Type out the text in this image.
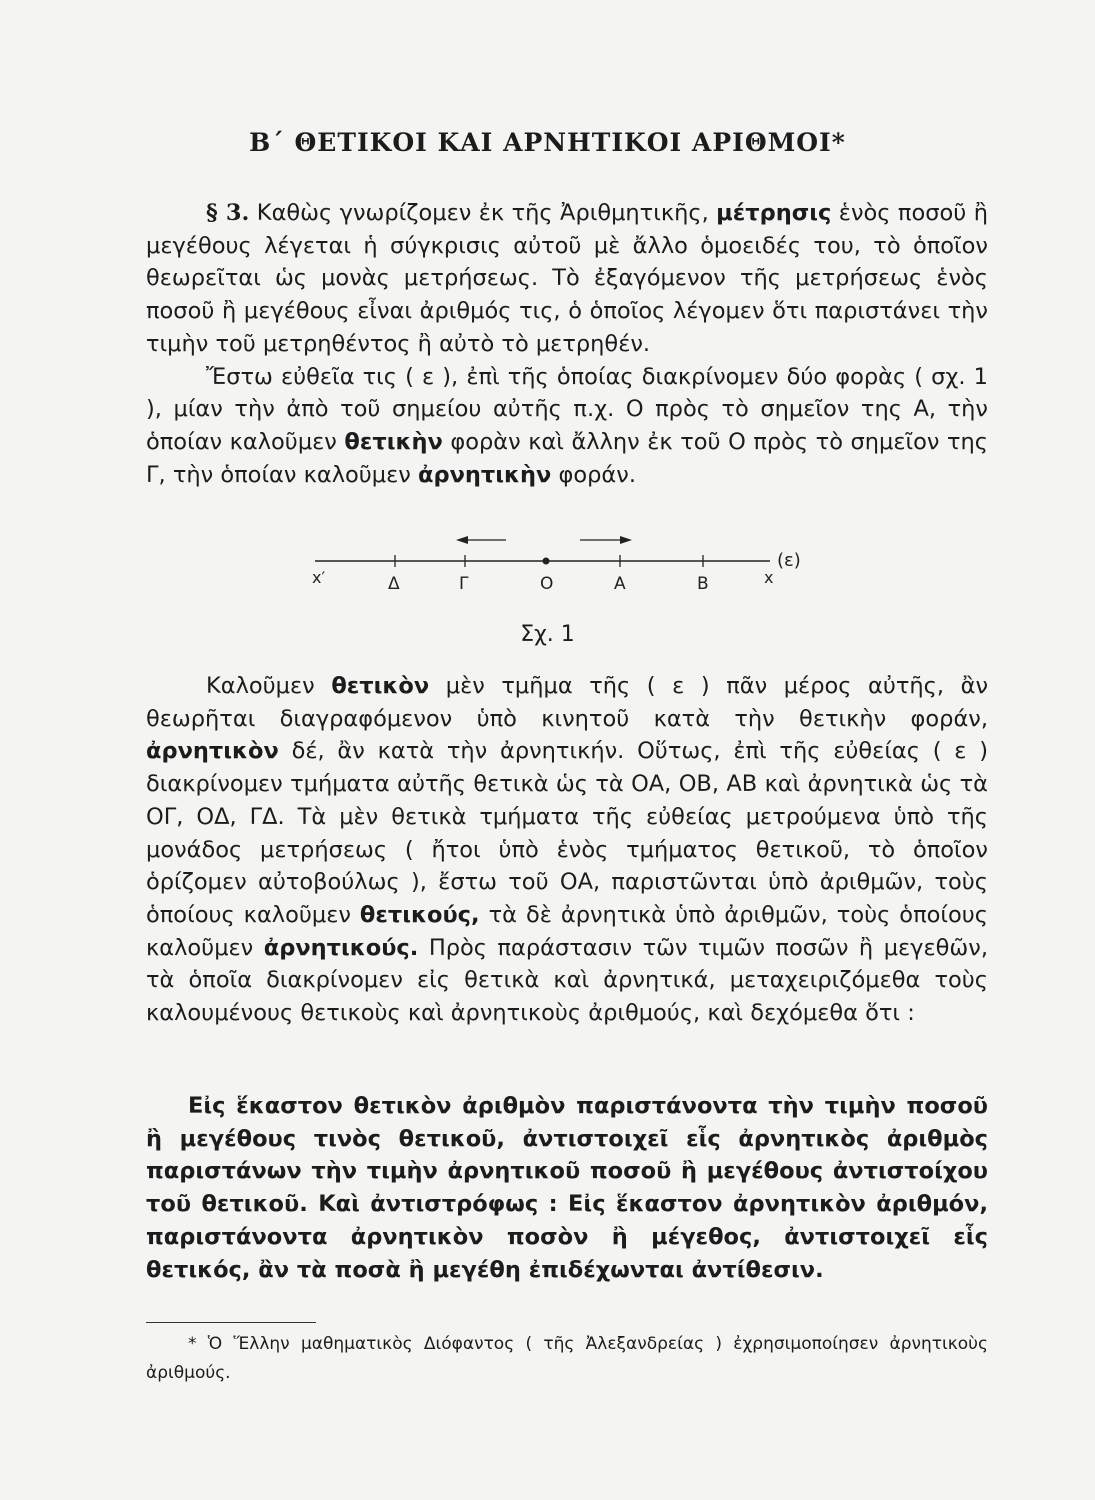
Β΄ ΘΕΤΙΚΟΙ ΚΑΙ ΑΡΝΗΤΙΚΟΙ ΑΡΙΘΜΟΙ*

§ 3. Καθὼς γνωρίζομεν ἐκ τῆς Ἀριθμητικῆς, μέτρησις ἑνὸς ποσοῦ ἢ μεγέθους λέγεται ἡ σύγκρισις αὐτοῦ μὲ ἄλλο ὁμοειδές του, τὸ ὁποῖον θεωρεῖται ὡς μονὰς μετρήσεως. Τὸ ἐξαγόμενον τῆς μετρήσεως ἑνὸς ποσοῦ ἢ μεγέθους εἶναι ἀριθμός τις, ὁ ὁποῖος λέγομεν ὅτι παριστάνει τὴν τιμὴν τοῦ μετρηθέντος ἢ αὐτὸ τὸ μετρηθέν.

Ἔστω εὐθεῖα τις ( ε ), ἐπὶ τῆς ὁποίας διακρίνομεν δύο φορὰς ( σχ. 1 ), μίαν τὴν ἀπὸ τοῦ σημείου αὐτῆς π.χ. Ο πρὸς τὸ σημεῖον της Α, τὴν ὁποίαν καλοῦμεν θετικὴν φορὰν καὶ ἄλλην ἐκ τοῦ Ο πρὸς τὸ σημεῖον της Γ, τὴν ὁποίαν καλοῦμεν ἀρνητικὴν φοράν.

x′	Δ	Γ	Ο	Α	Β	x
(ε)
Σχ. 1

Καλοῦμεν θετικὸν μὲν τμῆμα τῆς ( ε ) πᾶν μέρος αὐτῆς, ἂν θεωρῆται διαγραφόμενον ὑπὸ κινητοῦ κατὰ τὴν θετικὴν φοράν, ἀρνητικὸν δέ, ἂν κατὰ τὴν ἀρνητικήν. Οὕτως, ἐπὶ τῆς εὐθείας ( ε ) διακρίνομεν τμήματα αὐτῆς θετικὰ ὡς τὰ ΟΑ, ΟΒ, ΑΒ καὶ ἀρνητικὰ ὡς τὰ ΟΓ, ΟΔ, ΓΔ. Τὰ μὲν θετικὰ τμήματα τῆς εὐθείας μετρούμενα ὑπὸ τῆς μονάδος μετρήσεως ( ἤτοι ὑπὸ ἑνὸς τμήματος θετικοῦ, τὸ ὁποῖον ὁρίζομεν αὐτοβούλως ), ἔστω τοῦ ΟΑ, παριστῶνται ὑπὸ ἀριθμῶν, τοὺς ὁποίους καλοῦμεν θετικούς, τὰ δὲ ἀρνητικὰ ὑπὸ ἀριθμῶν, τοὺς ὁποίους καλοῦμεν ἀρνητικούς. Πρὸς παράστασιν τῶν τιμῶν ποσῶν ἢ μεγεθῶν, τὰ ὁποῖα διακρίνομεν εἰς θετικὰ καὶ ἀρνητικά, μεταχειριζόμεθα τοὺς καλουμένους θετικοὺς καὶ ἀρνητικοὺς ἀριθμούς, καὶ δεχόμεθα ὅτι :

Εἰς ἕκαστον θετικὸν ἀριθμὸν παριστάνοντα τὴν τιμὴν ποσοῦ ἢ μεγέθους τινὸς θετικοῦ, ἀντιστοιχεῖ εἷς ἀρνητικὸς ἀριθμὸς παριστάνων τὴν τιμὴν ἀρνητικοῦ ποσοῦ ἢ μεγέθους ἀντιστοίχου τοῦ θετικοῦ. Καὶ ἀντιστρόφως : Εἰς ἕκαστον ἀρνητικὸν ἀριθμόν, παριστάνοντα ἀρνητικὸν ποσὸν ἢ μέγεθος, ἀντιστοιχεῖ εἷς θετικός, ἂν τὰ ποσὰ ἢ μεγέθη ἐπιδέχωνται ἀντίθεσιν.

* Ὁ Ἕλλην μαθηματικὸς Διόφαντος ( τῆς Ἀλεξανδρείας ) ἐχρησιμοποίησεν ἀρνητικοὺς ἀριθμούς.
